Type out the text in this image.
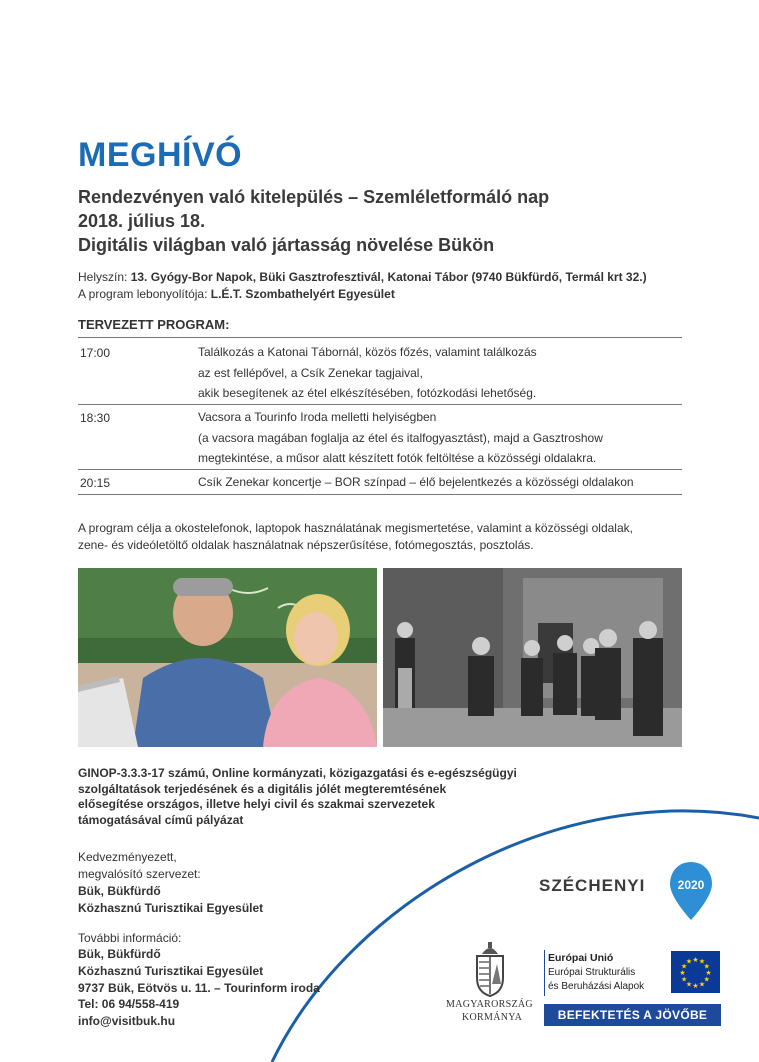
MEGHÍVÓ
Rendezvényen való kitelepülés – Szemléletformáló nap
2018. július 18.
Digitális világban való jártasság növelése Bükön
Helyszín: 13. Gyógy-Bor Napok, Büki Gasztrofesztivál, Katonai Tábor (9740 Bükfürdő, Termál krt 32.)
A program lebonyolítója: L.É.T. Szombathelyért Egyesület
TERVEZETT PROGRAM:
17:00	Találkozás a Katonai Tábornál, közös főzés, valamint találkozás
az est fellépővel, a Csík Zenekar tagjaival,
akik besegítenek az étel elkészítésében, fotózkodási lehetőség.
18:30	Vacsora a Tourinfo Iroda melletti helyiségben
(a vacsora magában foglalja az étel és italfogyasztást), majd a Gasztroshow
megtekintése, a műsor alatt készített fotók feltöltése a közösségi oldalakra.
20:15	Csík Zenekar koncertje – BOR színpad – élő bejelentkezés a közösségi oldalakon
A program célja a okostelefonok, laptopok használatának megismertetése, valamint a közösségi oldalak,
zene- és videóletöltő oldalak használatnak népszerűsítése, fotómegosztás, posztolás.
GINOP-3.3.3-17 számú, Online kormányzati, közigazgatási és e-egészségügyi
szolgáltatások terjedésének és a digitális jólét megteremtésének
elősegítése országos, illetve helyi civil és szakmai szervezetek
támogatásával című pályázat
Kedvezményezett,
megvalósító szervezet:
Bük, Bükfürdő
Közhasznú Turisztikai Egyesület
További információ:
Bük, Bükfürdő
Közhasznú Turisztikai Egyesület
9737 Bük, Eötvös u. 11. – Tourinform iroda
Tel: 06 94/558-419
info@visitbuk.hu
SZÉCHENYI	2020
MAGYARORSZÁG
KORMÁNYA
Európai Unió
Európai Strukturális
és Beruházási Alapok
★
★
★
★
★
★
★
★
★ ★ ★
★
BEFEKTETÉS A JÖVŐBE
